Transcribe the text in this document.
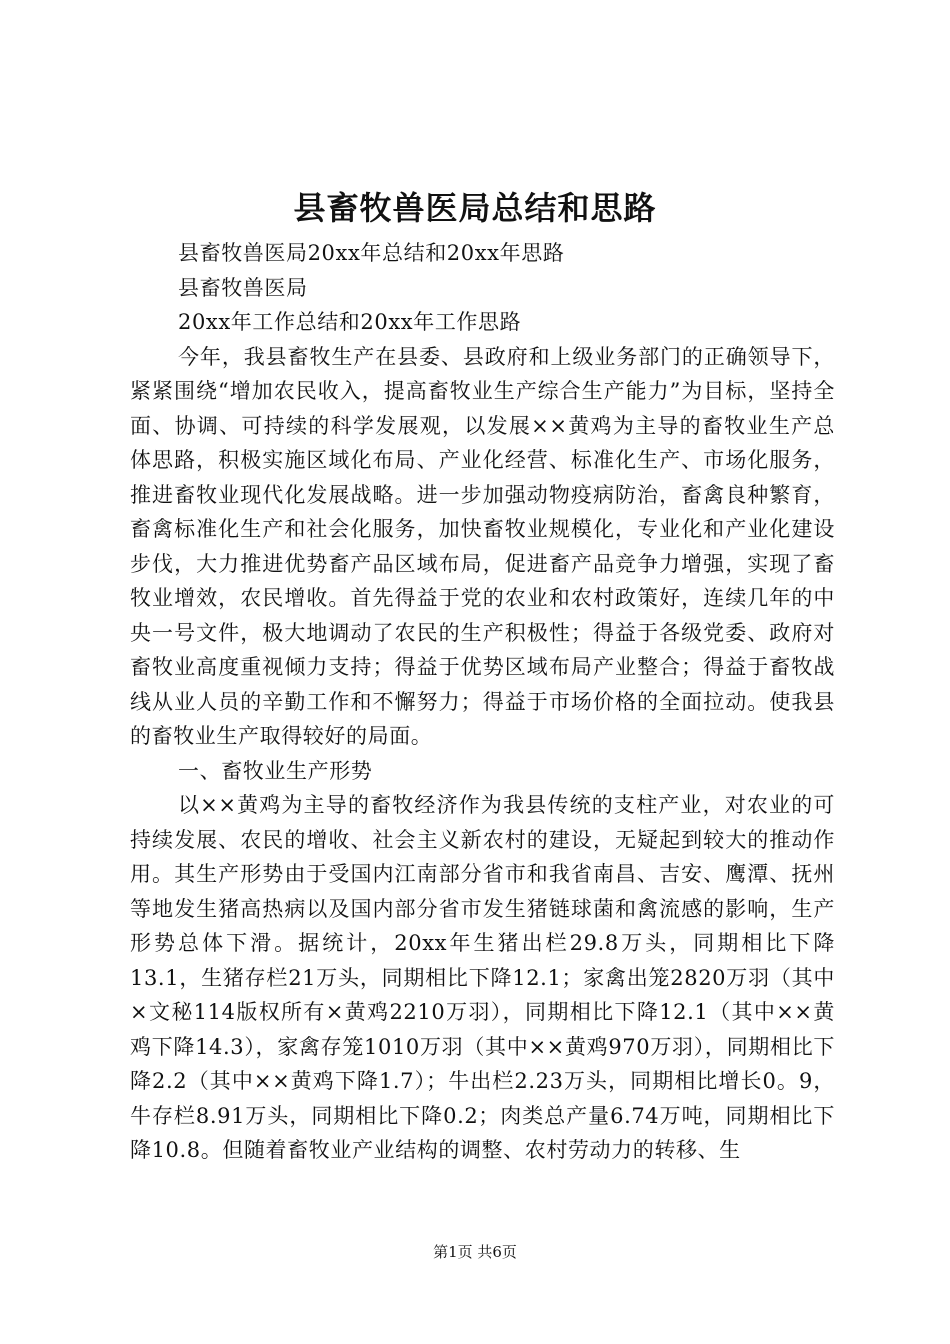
县畜牧兽医局总结和思路

县畜牧兽医局20xx年总结和20xx年思路

县畜牧兽医局

20xx年工作总结和20xx年工作思路

今年，我县畜牧生产在县委、县政府和上级业务部门的正确领导下，紧紧围绕“增加农民收入，提高畜牧业生产综合生产能力”为目标，坚持全面、协调、可持续的科学发展观，以发展××黄鸡为主导的畜牧业生产总体思路，积极实施区域化布局、产业化经营、标准化生产、市场化服务，推进畜牧业现代化发展战略。进一步加强动物疫病防治，畜禽良种繁育，畜禽标准化生产和社会化服务，加快畜牧业规模化，专业化和产业化建设步伐，大力推进优势畜产品区域布局，促进畜产品竞争力增强，实现了畜牧业增效，农民增收。首先得益于党的农业和农村政策好，连续几年的中央一号文件，极大地调动了农民的生产积极性；得益于各级党委、政府对畜牧业高度重视倾力支持；得益于优势区域布局产业整合；得益于畜牧战线从业人员的辛勤工作和不懈努力；得益于市场价格的全面拉动。使我县的畜牧业生产取得较好的局面。

一、畜牧业生产形势

以××黄鸡为主导的畜牧经济作为我县传统的支柱产业，对农业的可持续发展、农民的增收、社会主义新农村的建设，无疑起到较大的推动作用。其生产形势由于受国内江南部分省市和我省南昌、吉安、鹰潭、抚州等地发生猪高热病以及国内部分省市发生猪链球菌和禽流感的影响，生产形势总体下滑。据统计，20xx年生猪出栏29.8万头，同期相比下降13.1，生猪存栏21万头，同期相比下降12.1；家禽出笼2820万羽（其中×文秘114版权所有×黄鸡2210万羽），同期相比下降12.1（其中××黄鸡下降14.3），家禽存笼1010万羽（其中××黄鸡970万羽），同期相比下降2.2（其中××黄鸡下降1.7）；牛出栏2.23万头，同期相比增长0。9，牛存栏8.91万头，同期相比下降0.2；肉类总产量6.74万吨，同期相比下降10.8。但随着畜牧业产业结构的调整、农村劳动力的转移、生

第1页 共6页
